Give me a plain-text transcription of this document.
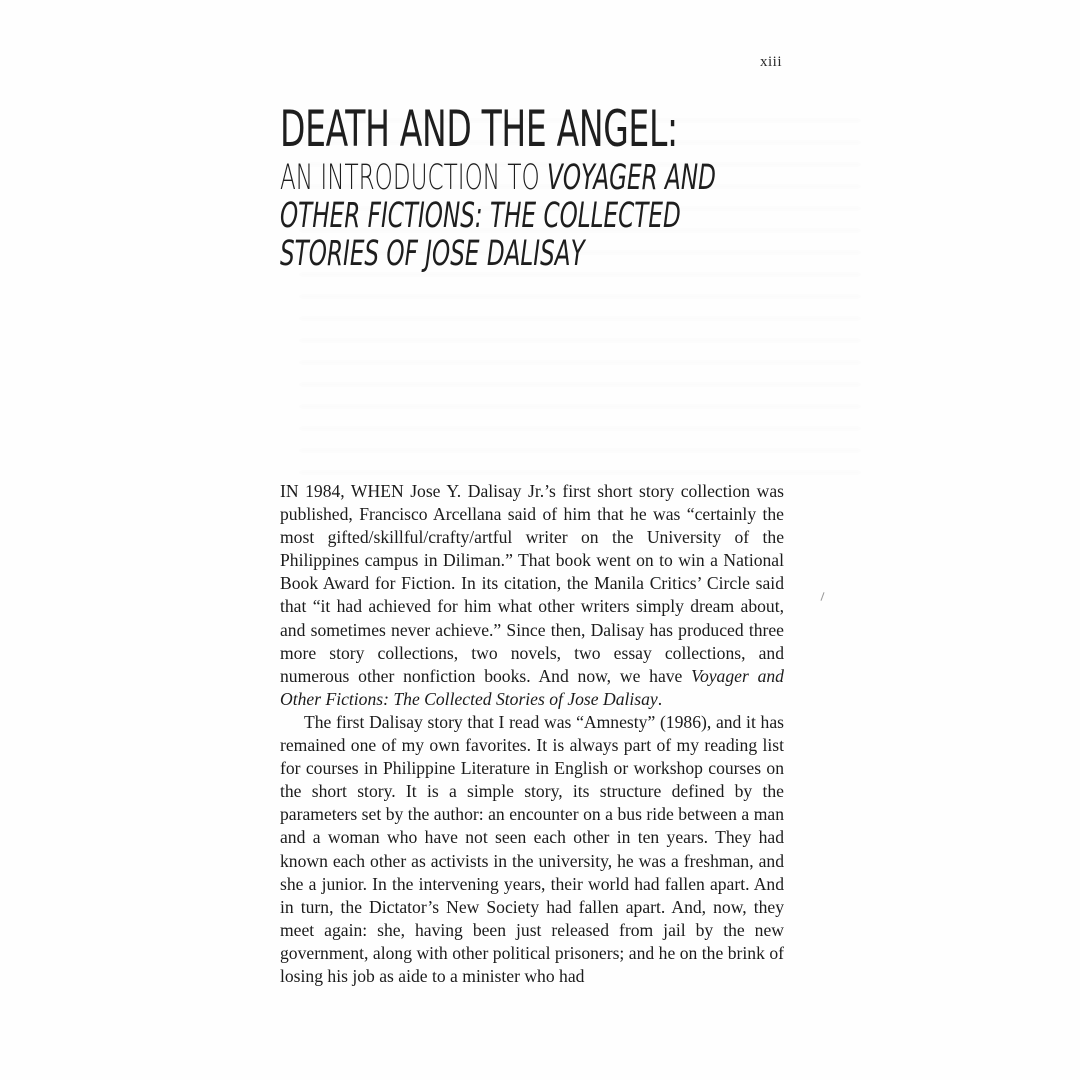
xiii
DEATH AND THE ANGEL:
AN INTRODUCTION TO VOYAGER AND
OTHER FICTIONS: THE COLLECTED
STORIES OF JOSE DALISAY

IN 1984, WHEN Jose Y. Dalisay Jr.’s first short story collection was published, Francisco Arcellana said of him that he was “certainly the most gifted/skillful/crafty/artful writer on the University of the Philippines campus in Diliman.” That book went on to win a National Book Award for Fiction. In its citation, the Manila Critics’ Circle said that “it had achieved for him what other writers simply dream about, and sometimes never achieve.” Since then, Dalisay has produced three more story collections, two novels, two essay collections, and numerous other nonfiction books. And now, we have Voyager and Other Fictions: The Collected Stories of Jose Dalisay.

The first Dalisay story that I read was “Amnesty” (1986), and it has remained one of my own favorites. It is always part of my reading list for courses in Philippine Literature in English or workshop courses on the short story. It is a simple story, its structure defined by the parameters set by the author: an encounter on a bus ride between a man and a woman who have not seen each other in ten years. They had known each other as activists in the university, he was a freshman, and she a junior. In the intervening years, their world had fallen apart. And in turn, the Dictator’s New Society had fallen apart. And, now, they meet again: she, having been just released from jail by the new government, along with other political prisoners; and he on the brink of losing his job as aide to a minister who had
